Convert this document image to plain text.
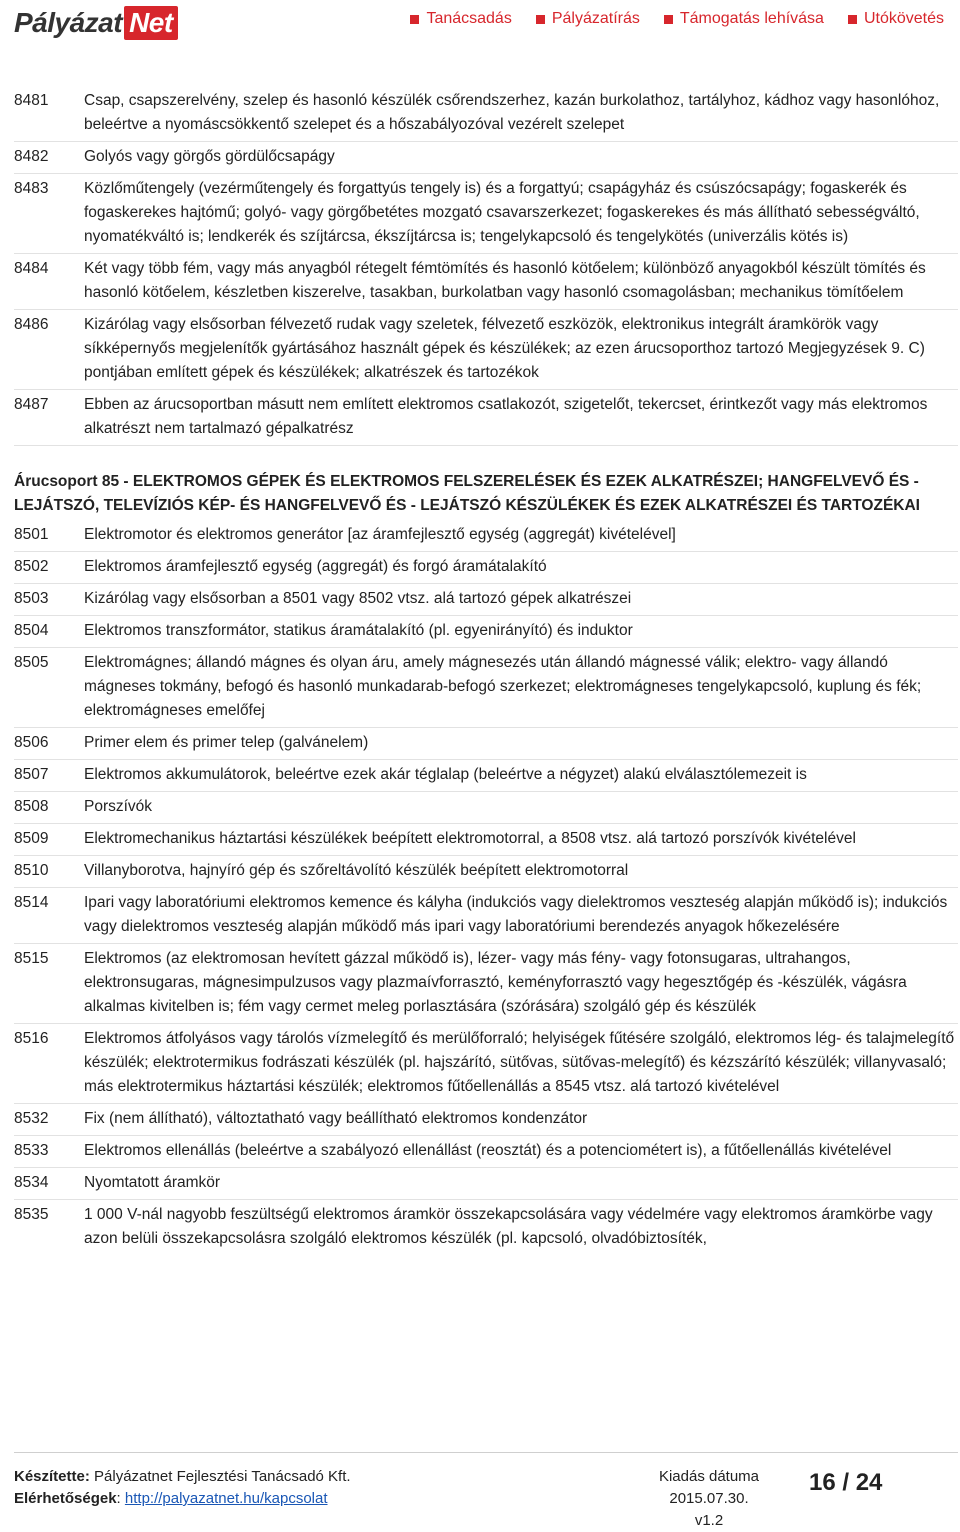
Pályázat Net	Tanácsadás	Pályázatírás	Támogatás lehívása	Utókövetés
8481	Csap, csapszerelvény, szelep és hasonló készülék csőrendszerhez, kazán burkolathoz, tartályhoz, kádhoz vagy hasonlóhoz, beleértve a nyomáscsökkentő szelepet és a hőszabályozóval vezérelt szelepet
8482	Golyós vagy görgős gördülőcsapágy
8483	Közlőműtengely (vezérműtengely és forgattyús tengely is) és a forgattyú; csapágyház és csúszócsapágy; fogaskerék és fogaskerekes hajtómű; golyó- vagy görgőbetétes mozgató csavarszerkezet; fogaskerekes és más állítható sebességváltó, nyomatékváltó is; lendkerék és szíjtárcsa, ékszíjtárcsa is; tengelykapcsoló és tengelykötés (univerzális kötés is)
8484	Két vagy több fém, vagy más anyagból rétegelt fémtömítés és hasonló kötőelem; különböző anyagokból készült tömítés és hasonló kötőelem, készletben kiszerelve, tasakban, burkolatban vagy hasonló csomagolásban; mechanikus tömítőelem
8486	Kizárólag vagy elsősorban félvezető rudak vagy szeletek, félvezető eszközök, elektronikus integrált áramkörök vagy síkképernyős megjelenítők gyártásához használt gépek és készülékek; az ezen árucsoporthoz tartozó Megjegyzések 9. C) pontjában említett gépek és készülékek; alkatrészek és tartozékok
8487	Ebben az árucsoportban másutt nem említett elektromos csatlakozót, szigetelőt, tekercset, érintkezőt vagy más elektromos alkatrészt nem tartalmazó gépalkatrész
Árucsoport 85 - ELEKTROMOS GÉPEK ÉS ELEKTROMOS FELSZERELÉSEK ÉS EZEK ALKATRÉSZEI; HANGFELVEVŐ ÉS - LEJÁTSZÓ, TELEVÍZIÓS KÉP- ÉS HANGFELVEVŐ ÉS - LEJÁTSZÓ KÉSZÜLÉKEK ÉS EZEK ALKATRÉSZEI ÉS TARTOZÉKAI
8501	Elektromotor és elektromos generátor [az áramfejlesztő egység (aggregát) kivételével]
8502	Elektromos áramfejlesztő egység (aggregát) és forgó áramátalakító
8503	Kizárólag vagy elsősorban a 8501 vagy 8502 vtsz. alá tartozó gépek alkatrészei
8504	Elektromos transzformátor, statikus áramátalakító (pl. egyenirányító) és induktor
8505	Elektromágnes; állandó mágnes és olyan áru, amely mágnesezés után állandó mágnessé válik; elektro- vagy állandó mágneses tokmány, befogó és hasonló munkadarab-befogó szerkezet; elektromágneses tengelykapcsoló, kuplung és fék; elektromágneses emelőfej
8506	Primer elem és primer telep (galvánelem)
8507	Elektromos akkumulátorok, beleértve ezek akár téglalap (beleértve a négyzet) alakú elválasztólemezeit is
8508	Porszívók
8509	Elektromechanikus háztartási készülékek beépített elektromotorral, a 8508 vtsz. alá tartozó porszívók kivételével
8510	Villanyborotva, hajnyíró gép és szőreltávolító készülék beépített elektromotorral
8514	Ipari vagy laboratóriumi elektromos kemence és kályha (indukciós vagy dielektromos veszteség alapján működő is); indukciós vagy dielektromos veszteség alapján működő más ipari vagy laboratóriumi berendezés anyagok hőkezelésére
8515	Elektromos (az elektromosan hevített gázzal működő is), lézer- vagy más fény- vagy fotonsugaras, ultrahangos, elektronsugaras, mágnesimpulzusos vagy plazmaívforrasztó, keményforrasztó vagy hegesztőgép és -készülék, vágásra alkalmas kivitelben is; fém vagy cermet meleg porlasztására (szórására) szolgáló gép és készülék
8516	Elektromos átfolyásos vagy tárolós vízmelegítő és merülőforraló; helyiségek fűtésére szolgáló, elektromos lég- és talajmelegítő készülék; elektrotermikus fodrászati készülék (pl. hajszárító, sütővas, sütővas-melegítő) és kézszárító készülék; villanyvasaló; más elektrotermikus háztartási készülék; elektromos fűtőellenállás a 8545 vtsz. alá tartozó kivételével
8532	Fix (nem állítható), változtatható vagy beállítható elektromos kondenzátor
8533	Elektromos ellenállás (beleértve a szabályozó ellenállást (reosztát) és a potenciométert is), a fűtőellenállás kivételével
8534	Nyomtatott áramkör
8535	1 000 V-nál nagyobb feszültségű elektromos áramkör összekapcsolására vagy védelmére vagy elektromos áramkörbe vagy azon belüli összekapcsolásra szolgáló elektromos készülék (pl. kapcsoló, olvadóbiztosíték,
Készítette: Pályázatnet Fejlesztési Tanácsadó Kft.
Elérhetőségek: http://palyazatnet.hu/kapcsolat
Kiadás dátuma
2015.07.30. v1.2
16 / 24
